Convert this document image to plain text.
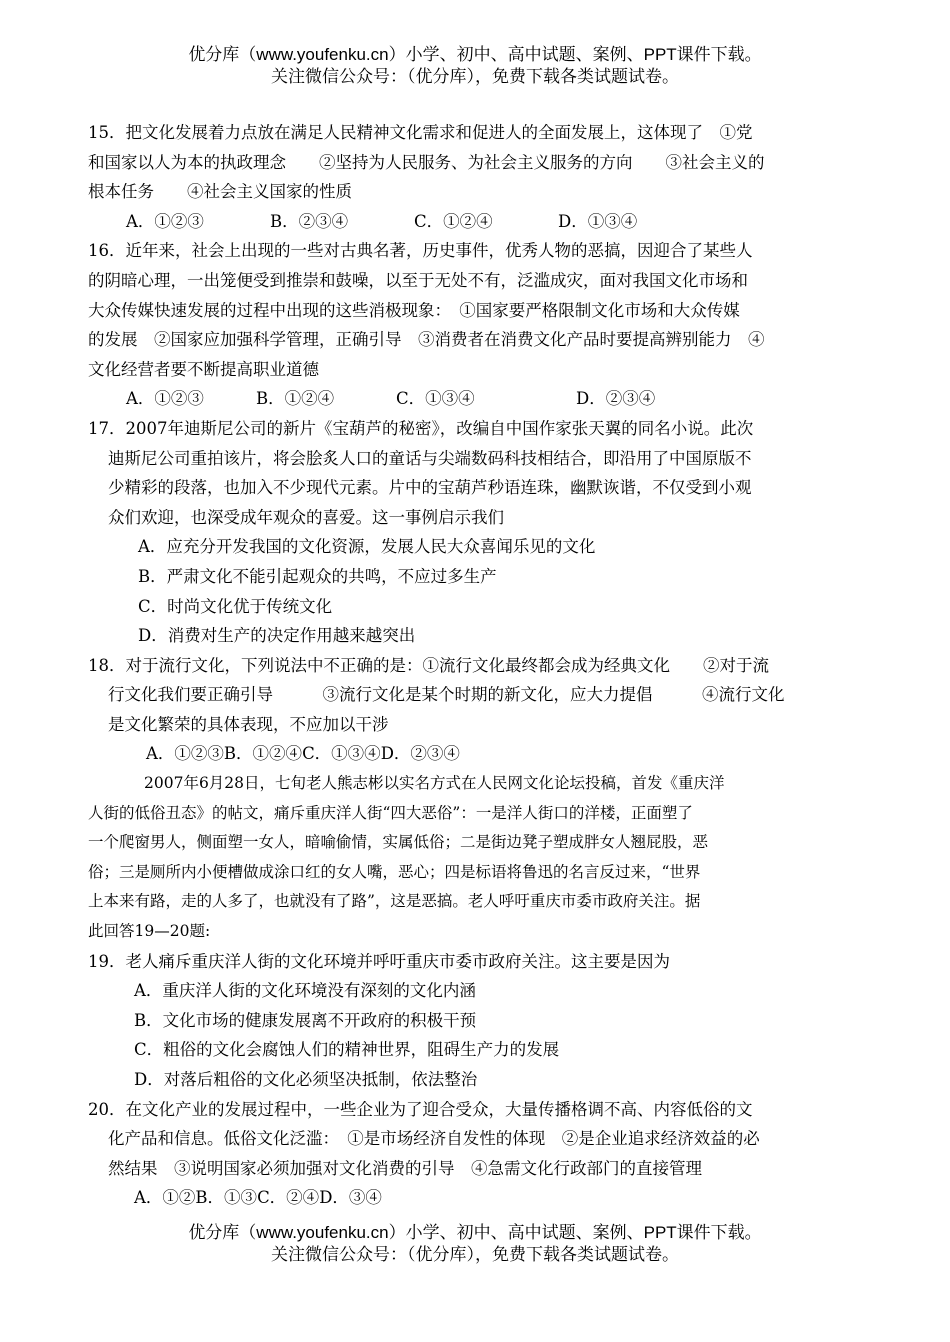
优分库（www.youfenku.cn）小学、初中、高中试题、案例、PPT课件下载。
关注微信公众号：（优分库），免费下载各类试题试卷。
15．把文化发展着力点放在满足人民精神文化需求和促进人的全面发展上，这体现了　①党
和国家以人为本的执政理念　　②坚持为人民服务、为社会主义服务的方向　　③社会主义的
根本任务　　④社会主义国家的性质
A．①②③	B．②③④	C．①②④	D．①③④
16．近年来，社会上出现的一些对古典名著，历史事件，优秀人物的恶搞，因迎合了某些人
的阴暗心理，一出笼便受到推崇和鼓噪，以至于无处不有，泛滥成灾，面对我国文化市场和
大众传媒快速发展的过程中出现的这些消极现象：　①国家要严格限制文化市场和大众传媒
的发展　②国家应加强科学管理，正确引导　③消费者在消费文化产品时要提高辨别能力　④
文化经营者要不断提高职业道德
A．①②③	B．①②④	C．①③④	D．②③④
17．2007年迪斯尼公司的新片《宝葫芦的秘密》，改编自中国作家张天翼的同名小说。此次
迪斯尼公司重拍该片，将会脍炙人口的童话与尖端数码科技相结合，即沿用了中国原版不
少精彩的段落，也加入不少现代元素。片中的宝葫芦秒语连珠，幽默诙谐，不仅受到小观
众们欢迎，也深受成年观众的喜爱。这一事例启示我们
A．应充分开发我国的文化资源，发展人民大众喜闻乐见的文化
B．严肃文化不能引起观众的共鸣，不应过多生产
C．时尚文化优于传统文化
D．消费对生产的决定作用越来越突出
18．对于流行文化，下列说法中不正确的是：①流行文化最终都会成为经典文化　　②对于流
行文化我们要正确引导　　　③流行文化是某个时期的新文化，应大力提倡　　　④流行文化
是文化繁荣的具体表现，不应加以干涉
A．①②③B．①②④C．①③④D．②③④
2007年6月28日，七旬老人熊志彬以实名方式在人民网文化论坛投稿，首发《重庆洋
人街的低俗丑态》的帖文，痛斥重庆洋人街“四大恶俗”：一是洋人街口的洋楼，正面塑了
一个爬窗男人，侧面塑一女人，暗喻偷情，实属低俗；二是街边凳子塑成胖女人翘屁股，恶
俗；三是厕所内小便槽做成涂口红的女人嘴，恶心；四是标语将鲁迅的名言反过来，“世界
上本来有路，走的人多了，也就没有了路”，这是恶搞。老人呼吁重庆市委市政府关注。据
此回答19—20题:
19．老人痛斥重庆洋人街的文化环境并呼吁重庆市委市政府关注。这主要是因为
A．重庆洋人街的文化环境没有深刻的文化内涵
B．文化市场的健康发展离不开政府的积极干预
C．粗俗的文化会腐蚀人们的精神世界，阻碍生产力的发展
D．对落后粗俗的文化必须坚决抵制，依法整治
20．在文化产业的发展过程中，一些企业为了迎合受众，大量传播格调不高、内容低俗的文
化产品和信息。低俗文化泛滥：　①是市场经济自发性的体现　②是企业追求经济效益的必
然结果　③说明国家必须加强对文化消费的引导　④急需文化行政部门的直接管理
A．①②B．①③C．②④D．③④
优分库（www.youfenku.cn）小学、初中、高中试题、案例、PPT课件下载。
关注微信公众号：（优分库），免费下载各类试题试卷。
